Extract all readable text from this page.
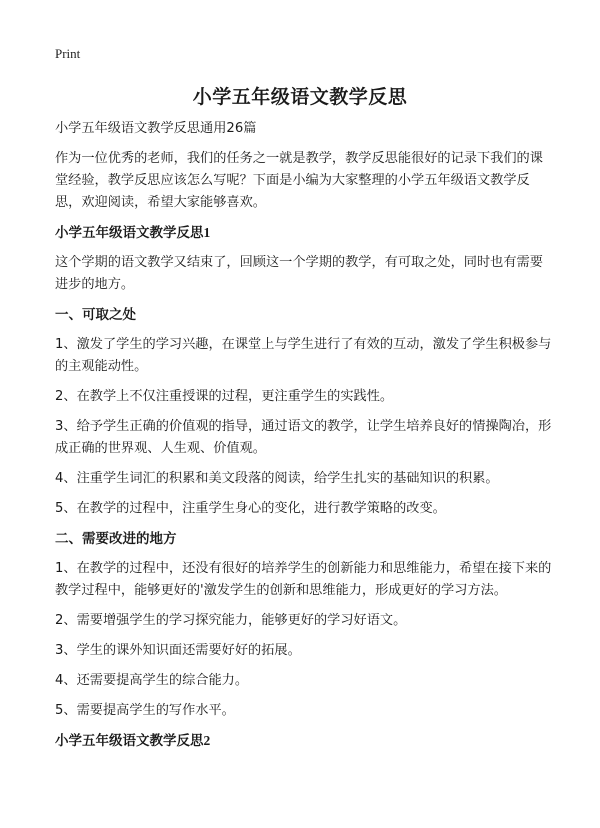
Print
小学五年级语文教学反思

小学五年级语文教学反思通用26篇

作为一位优秀的老师，我们的任务之一就是教学，教学反思能很好的记录下我们的课堂经验，教学反思应该怎么写呢？下面是小编为大家整理的小学五年级语文教学反思，欢迎阅读，希望大家能够喜欢。

小学五年级语文教学反思1

这个学期的语文教学又结束了，回顾这一个学期的教学，有可取之处，同时也有需要进步的地方。

一、可取之处

1、激发了学生的学习兴趣，在课堂上与学生进行了有效的互动，激发了学生积极参与的主观能动性。

2、在教学上不仅注重授课的过程，更注重学生的实践性。

3、给予学生正确的价值观的指导，通过语文的教学，让学生培养良好的情操陶冶，形成正确的世界观、人生观、价值观。

4、注重学生词汇的积累和美文段落的阅读，给学生扎实的基础知识的积累。

5、在教学的过程中，注重学生身心的变化，进行教学策略的改变。

二、需要改进的地方

1、在教学的过程中，还没有很好的培养学生的创新能力和思维能力，希望在接下来的教学过程中，能够更好的'激发学生的创新和思维能力，形成更好的学习方法。

2、需要增强学生的学习探究能力，能够更好的学习好语文。

3、学生的课外知识面还需要好好的拓展。

4、还需要提高学生的综合能力。

5、需要提高学生的写作水平。

小学五年级语文教学反思2
